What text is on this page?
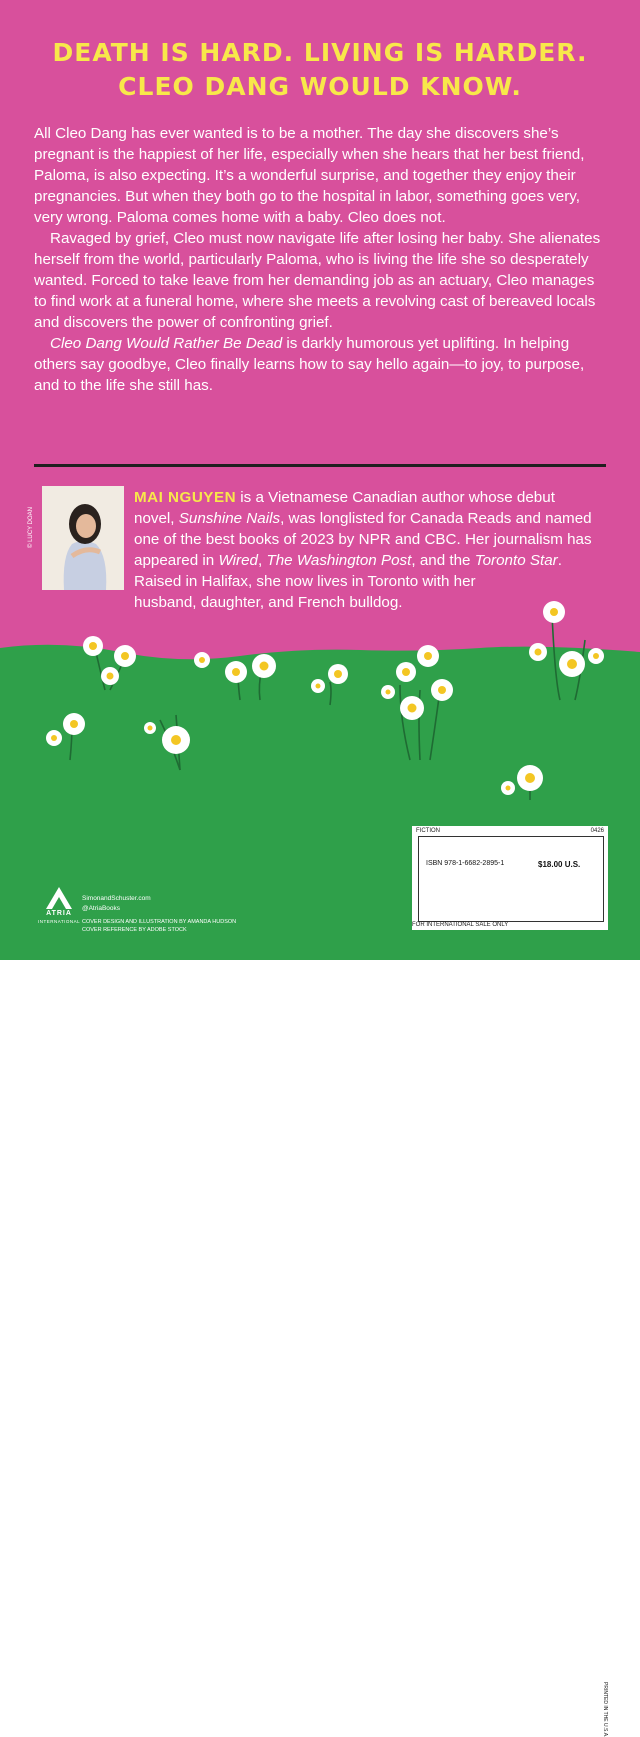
DEATH IS HARD. LIVING IS HARDER.
CLEO DANG WOULD KNOW.

All Cleo Dang has ever wanted is to be a mother. The day she discovers she’s pregnant is the happiest of her life, especially when she hears that her best friend, Paloma, is also expecting. It’s a wonderful surprise, and together they enjoy their pregnancies. But when they both go to the hospital in labor, something goes very, very wrong. Paloma comes home with a baby. Cleo does not.

Ravaged by grief, Cleo must now navigate life after losing her baby. She alienates herself from the world, particularly Paloma, who is living the life she so desperately wanted. Forced to take leave from her demanding job as an actuary, Cleo manages to find work at a funeral home, where she meets a revolving cast of bereaved locals and discovers the power of confronting grief.

Cleo Dang Would Rather Be Dead is darkly humorous yet uplifting. In helping others say goodbye, Cleo finally learns how to say hello again—to joy, to purpose, and to the life she still has.

© LUCY DOAN
MAI NGUYEN is a Vietnamese Canadian author whose debut
novel, Sunshine Nails, was longlisted for Canada Reads and named
one of the best books of 2023 by NPR and CBC. Her journalism has
appeared in Wired, The Washington Post, and the Toronto Star.
Raised in Halifax, she now lives in Toronto with her
husband, daughter, and French bulldog.
FICTION	0426
ISBN 978-1-6682-2895-1	$18.00 U.S.
FOR INTERNATIONAL SALE ONLY
PRINTED IN THE U.S.A.
ATRIA
INTERNATIONAL
SimonandSchuster.com
@AtriaBooks
COVER DESIGN AND ILLUSTRATION BY AMANDA HUDSON
COVER REFERENCE BY ADOBE STOCK
